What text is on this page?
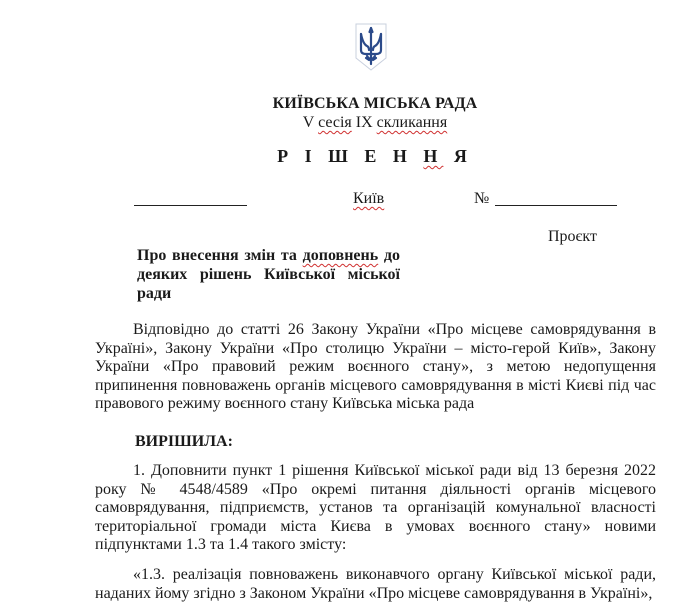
КИЇВСЬКА МІСЬКА РАДА
V сесія IX скликання
Р І Ш Е Н Н Я
Київ	№
Проєкт
Про внесення змін та доповнень до деяких рішень Київської міської ради
Відповідно до статті 26 Закону України «Про місцеве самоврядування в Україні», Закону України «Про столицю України – місто-герой Київ», Закону України «Про правовий режим воєнного стану», з метою недопущення припинення повноважень органів місцевого самоврядування в місті Києві під час правового режиму воєнного стану Київська міська рада
ВИРІШИЛА:
1. Доповнити пункт 1 рішення Київської міської ради від 13 березня 2022 року № 4548/4589 «Про окремі питання діяльності органів місцевого самоврядування, підприємств, установ та організацій комунальної власності територіальної громади міста Києва в умовах воєнного стану» новими підпунктами 1.3 та 1.4 такого змісту:
«1.3. реалізація повноважень виконавчого органу Київської міської ради, наданих йому згідно з Законом України «Про місцеве самоврядування в Україні»,
